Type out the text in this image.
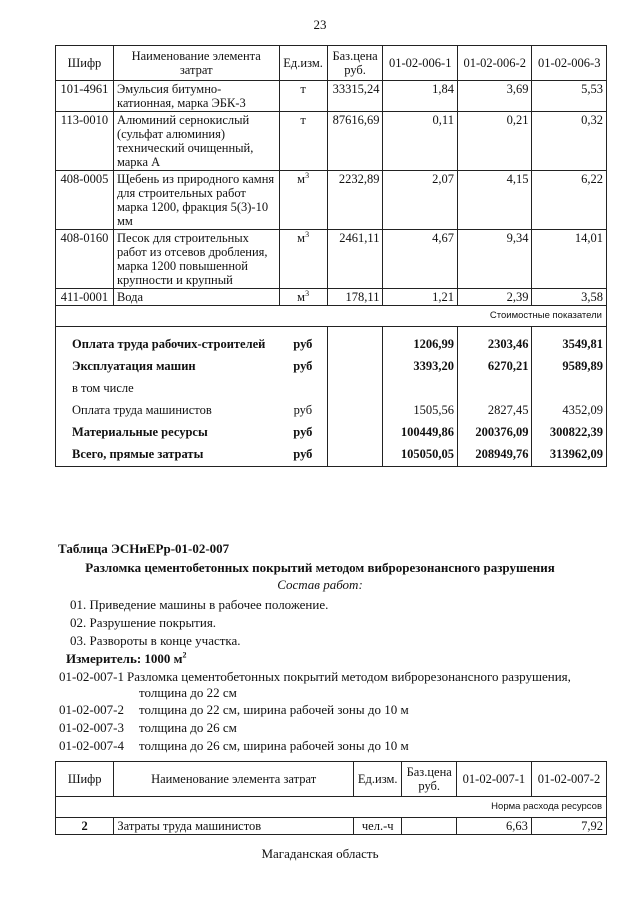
23
Шифр	Наименование элемента затрат	Ед.изм.	Баз.цена руб.	01-02-006-1	01-02-006-2	01-02-006-3
101-4961	Эмульсия битумно-катионная, марка ЭБК-3	т	33315,24	1,84	3,69	5,53
113-0010	Алюминий сернокислый (сульфат алюминия) технический очищенный, марка А	т	87616,69	0,11	0,21	0,32
408-0005	Щебень из природного камня для строительных работ марка 1200, фракция 5(3)-10 мм	$м^3$	2232,89	2,07	4,15	6,22
408-0160	Песок для строительных работ из отсевов дробления, марка 1200 повышенной крупности и крупный	$м^3$	2461,11	4,67	9,34	14,01
411-0001	Вода	$м^3$	178,11	1,21	2,39	3,58
Стоимостные показатели						
Оплата труда рабочих-строителей		руб		1206,99	2303,46	3549,81
Эксплуатация машин		руб		3393,20	6270,21	9589,89
в том числе						
Оплата труда машинистов		руб		1505,56	2827,45	4352,09
Материальные ресурсы		руб		100449,86	200376,09	300822,39
Всего, прямые затраты		руб		105050,05	208949,76	313962,09
Таблица ЭСНиЕРр-01-02-007
Разломка цементобетонных покрытий методом виброрезонансного разрушения
Состав работ:
01. Приведение машины в рабочее положение.
02. Разрушение покрытия.
03. Развороты в конце участка.
Измеритель: 1000 $м^2$
01-02-007-1 Разломка цементобетонных покрытий методом виброрезонансного разрушения,
толщина до 22 см
01-02-007-2 толщина до 22 см, ширина рабочей зоны до 10 м
01-02-007-3 толщина до 26 см
01-02-007-4 толщина до 26 см, ширина рабочей зоны до 10 м
Шифр	Наименование элемента затрат	Ед.изм.	Баз.цена руб.	01-02-007-1	01-02-007-2
Норма расхода ресурсов					
2	Затраты труда машинистов	чел.-ч		6,63	7,92
Магаданская область
